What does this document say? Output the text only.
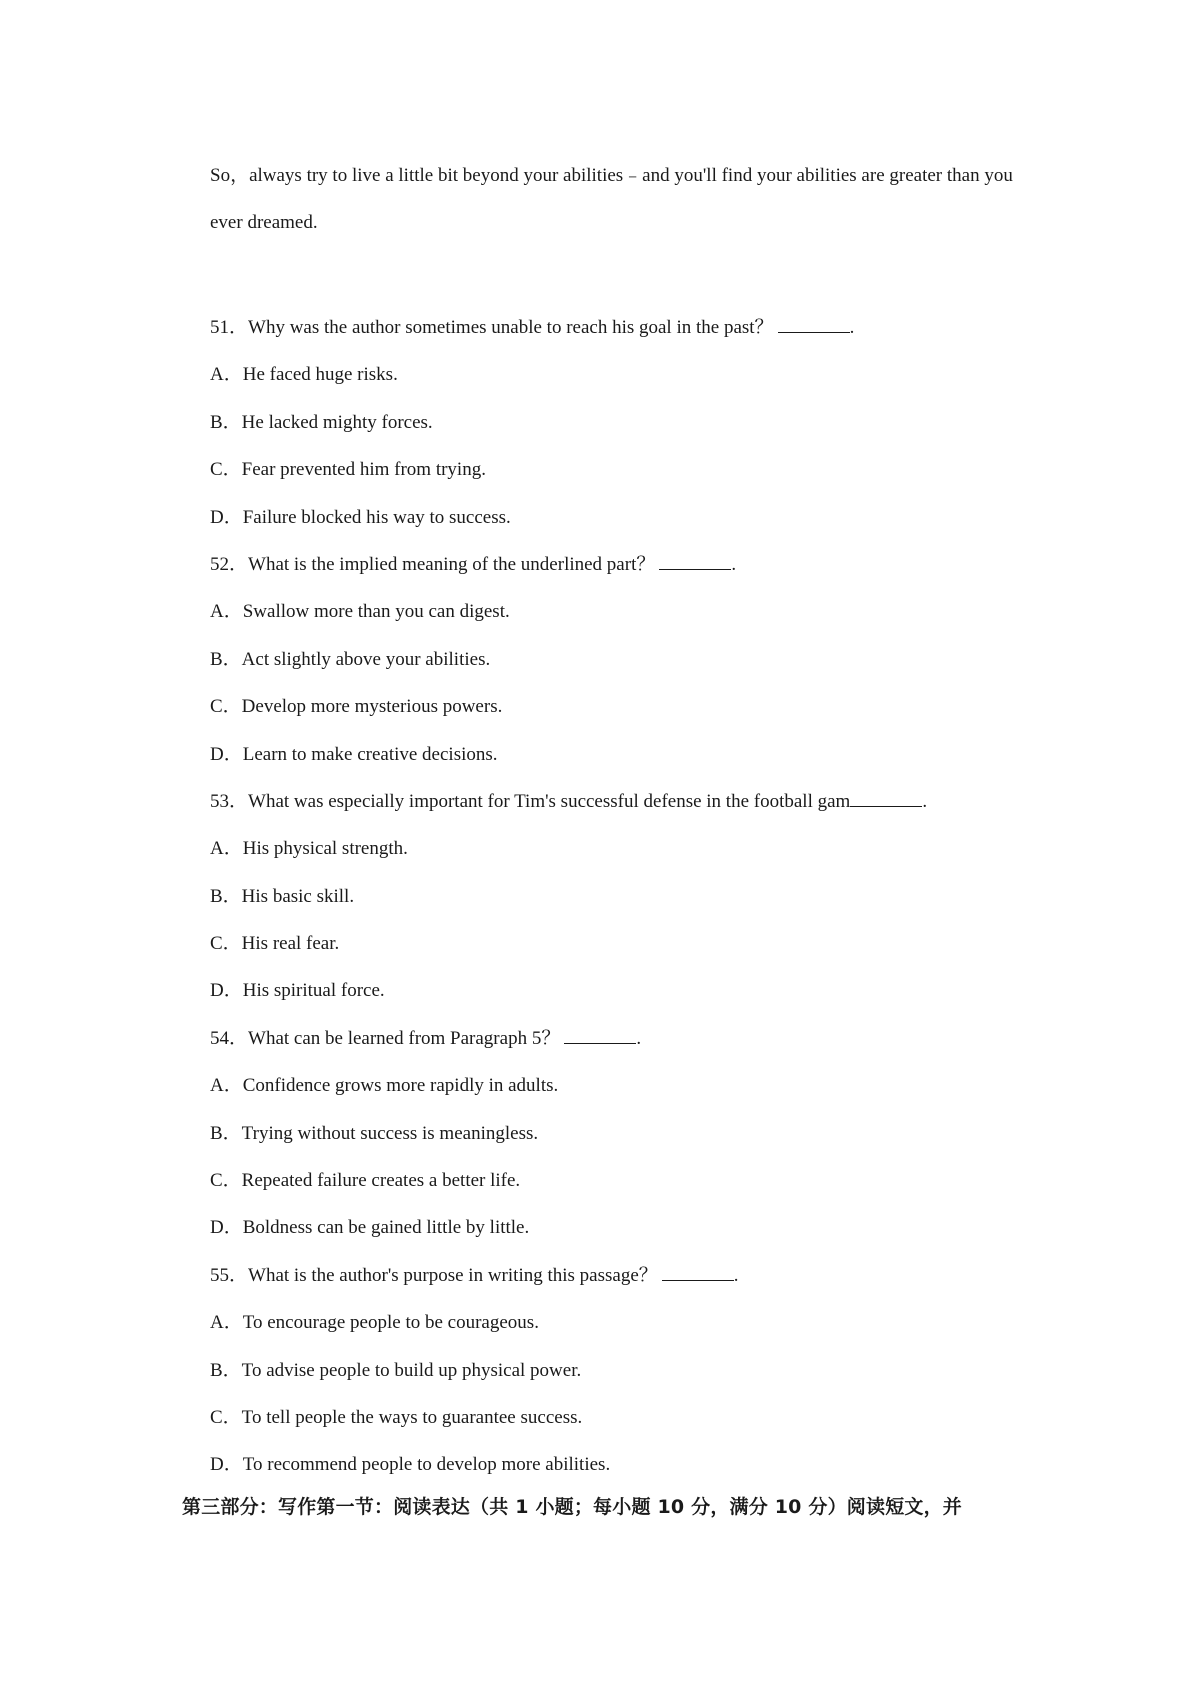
So，always try to live a little bit beyond your abilities﹣and you'll find your abilities are greater than you ever dreamed.

51．Why was the author sometimes unable to reach his goal in the past？	.
A．He faced huge risks.
B．He lacked mighty forces.
C．Fear prevented him from trying.
D．Failure blocked his way to success.
52．What is the implied meaning of the underlined part？	.
A．Swallow more than you can digest.
B．Act slightly above your abilities.
C．Develop more mysterious powers.
D．Learn to make creative decisions.
53．What was especially important for Tim's successful defense in the football gam	.
A．His physical strength.
B．His basic skill.
C．His real fear.
D．His spiritual force.
54．What can be learned from Paragraph 5？	.
A．Confidence grows more rapidly in adults.
B．Trying without success is meaningless.
C．Repeated failure creates a better life.
D．Boldness can be gained little by little.
55．What is the author's purpose in writing this passage？	.
A．To encourage people to be courageous.
B．To advise people to build up physical power.
C．To tell people the ways to guarantee success.
D．To recommend people to develop more abilities.
第三部分：写作第一节：阅读表达（共 1 小题；每小题 10 分，满分 10 分）阅读短文，并
